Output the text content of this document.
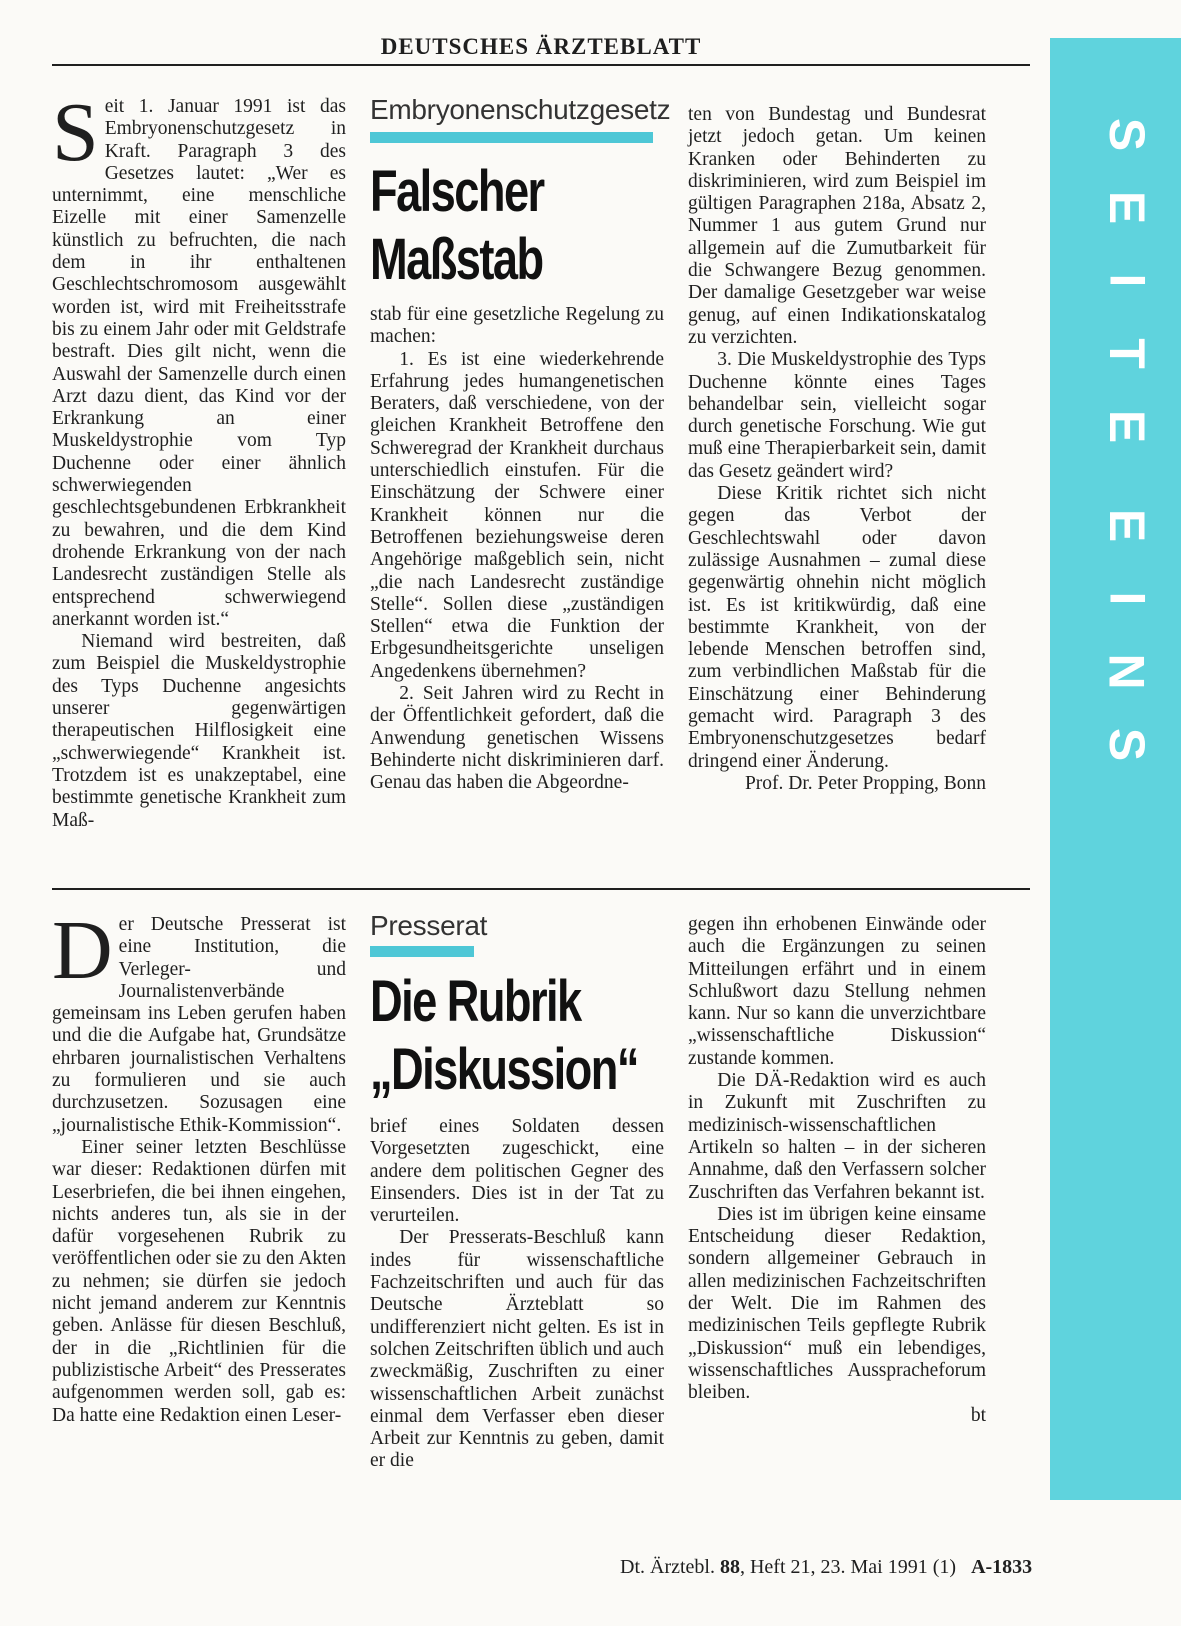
DEUTSCHES ÄRZTEBLATT
S
E
I
T
E
E
I
N
S

Seit 1. Januar 1991 ist das Embryonenschutzgesetz in Kraft. Paragraph 3 des Gesetzes lautet: „Wer es unternimmt, eine menschliche Eizelle mit einer Samenzelle künstlich zu befruchten, die nach dem in ihr enthaltenen Geschlechtschromosom ausgewählt worden ist, wird mit Freiheitsstrafe bis zu einem Jahr oder mit Geldstrafe bestraft. Dies gilt nicht, wenn die Auswahl der Samenzelle durch einen Arzt dazu dient, das Kind vor der Erkrankung an einer Muskeldystrophie vom Typ Duchenne oder einer ähnlich schwerwiegenden geschlechtsgebundenen Erbkrankheit zu bewahren, und die dem Kind drohende Erkrankung von der nach Landesrecht zuständigen Stelle als entsprechend schwerwiegend anerkannt worden ist.“

Niemand wird bestreiten, daß zum Beispiel die Muskeldystrophie des Typs Duchenne angesichts unserer gegenwärtigen therapeutischen Hilflosigkeit eine „schwerwiegende“ Krankheit ist. Trotzdem ist es unakzeptabel, eine bestimmte genetische Krankheit zum Maß-

Embryonenschutzgesetz
Falscher
Maßstab

stab für eine gesetzliche Regelung zu machen:

1. Es ist eine wiederkehrende Erfahrung jedes humangenetischen Beraters, daß verschiedene, von der gleichen Krankheit Betroffene den Schweregrad der Krankheit durchaus unterschiedlich einstufen. Für die Einschätzung der Schwere einer Krankheit können nur die Betroffenen beziehungsweise deren Angehörige maßgeblich sein, nicht „die nach Landesrecht zuständige Stelle“. Sollen diese „zuständigen Stellen“ etwa die Funktion der Erbgesundheitsgerichte unseligen Angedenkens übernehmen?

2. Seit Jahren wird zu Recht in der Öffentlichkeit gefordert, daß die Anwendung genetischen Wissens Behinderte nicht diskriminieren darf. Genau das haben die Abgeordne-

ten von Bundestag und Bundesrat jetzt jedoch getan. Um keinen Kranken oder Behinderten zu diskriminieren, wird zum Beispiel im gültigen Paragraphen 218a, Absatz 2, Nummer 1 aus gutem Grund nur allgemein auf die Zumutbarkeit für die Schwangere Bezug genommen. Der damalige Gesetzgeber war weise genug, auf einen Indikationskatalog zu verzichten.

3. Die Muskeldystrophie des Typs Duchenne könnte eines Tages behandelbar sein, vielleicht sogar durch genetische Forschung. Wie gut muß eine Therapierbarkeit sein, damit das Gesetz geändert wird?

Diese Kritik richtet sich nicht gegen das Verbot der Geschlechtswahl oder davon zulässige Ausnahmen – zumal diese gegenwärtig ohnehin nicht möglich ist. Es ist kritikwürdig, daß eine bestimmte Krankheit, von der lebende Menschen betroffen sind, zum verbindlichen Maßstab für die Einschätzung einer Behinderung gemacht wird. Paragraph 3 des Embryonenschutzgesetzes bedarf dringend einer Änderung.

Prof. Dr. Peter Propping, Bonn

Der Deutsche Presserat ist eine Institution, die Verleger- und Journalistenverbände gemeinsam ins Leben gerufen haben und die die Aufgabe hat, Grundsätze ehrbaren journalistischen Verhaltens zu formulieren und sie auch durchzusetzen. Sozusagen eine „journalistische Ethik-Kommission“.

Einer seiner letzten Beschlüsse war dieser: Redaktionen dürfen mit Leserbriefen, die bei ihnen eingehen, nichts anderes tun, als sie in der dafür vorgesehenen Rubrik zu veröffentlichen oder sie zu den Akten zu nehmen; sie dürfen sie jedoch nicht jemand anderem zur Kenntnis geben. Anlässe für diesen Beschluß, der in die „Richtlinien für die publizistische Arbeit“ des Presserates aufgenommen werden soll, gab es: Da hatte eine Redaktion einen Leser-

Presserat
Die Rubrik
„Diskussion“

brief eines Soldaten dessen Vorgesetzten zugeschickt, eine andere dem politischen Gegner des Einsenders. Dies ist in der Tat zu verurteilen.

Der Presserats-Beschluß kann indes für wissenschaftliche Fachzeitschriften und auch für das Deutsche Ärzteblatt so undifferenziert nicht gelten. Es ist in solchen Zeitschriften üblich und auch zweckmäßig, Zuschriften zu einer wissenschaftlichen Arbeit zunächst einmal dem Verfasser eben dieser Arbeit zur Kenntnis zu geben, damit er die

gegen ihn erhobenen Einwände oder auch die Ergänzungen zu seinen Mitteilungen erfährt und in einem Schlußwort dazu Stellung nehmen kann. Nur so kann die unverzichtbare „wissenschaftliche Diskussion“ zustande kommen.

Die DÄ-Redaktion wird es auch in Zukunft mit Zuschriften zu medizinisch-wissenschaftlichen Artikeln so halten – in der sicheren Annahme, daß den Verfassern solcher Zuschriften das Verfahren bekannt ist.

Dies ist im übrigen keine einsame Entscheidung dieser Redaktion, sondern allgemeiner Gebrauch in allen medizinischen Fachzeitschriften der Welt. Die im Rahmen des medizinischen Teils gepflegte Rubrik „Diskussion“ muß ein lebendiges, wissenschaftliches Ausspracheforum bleiben.

bt

Dt. Ärztebl. 88, Heft 21, 23. Mai 1991 (1) A-1833
